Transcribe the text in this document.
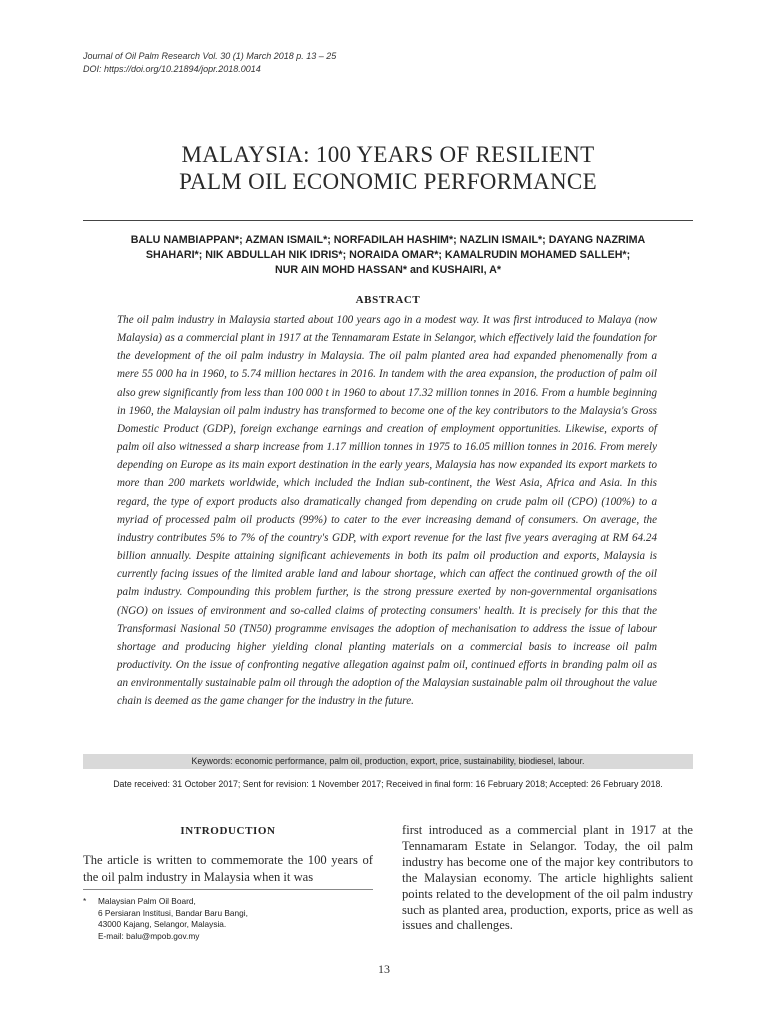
Journal of Oil Palm Research Vol. 30 (1) March 2018 p. 13 – 25
DOI: https://doi.org/10.21894/jopr.2018.0014
MALAYSIA: 100 YEARS OF RESILIENT
PALM OIL ECONOMIC PERFORMANCE
BALU NAMBIAPPAN*; AZMAN ISMAIL*; NORFADILAH HASHIM*; NAZLIN ISMAIL*; DAYANG NAZRIMA
SHAHARI*; NIK ABDULLAH NIK IDRIS*; NORAIDA OMAR*; KAMALRUDIN MOHAMED SALLEH*;
NUR AIN MOHD HASSAN* and KUSHAIRI, A*
ABSTRACT

The oil palm industry in Malaysia started about 100 years ago in a modest way. It was first introduced to Malaya (now Malaysia) as a commercial plant in 1917 at the Tennamaram Estate in Selangor, which effectively laid the foundation for the development of the oil palm industry in Malaysia. The oil palm planted area had expanded phenomenally from a mere 55 000 ha in 1960, to 5.74 million hectares in 2016. In tandem with the area expansion, the production of palm oil also grew significantly from less than 100 000 t in 1960 to about 17.32 million tonnes in 2016. From a humble beginning in 1960, the Malaysian oil palm industry has transformed to become one of the key contributors to the Malaysia's Gross Domestic Product (GDP), foreign exchange earnings and creation of employment opportunities. Likewise, exports of palm oil also witnessed a sharp increase from 1.17 million tonnes in 1975 to 16.05 million tonnes in 2016. From merely depending on Europe as its main export destination in the early years, Malaysia has now expanded its export markets to more than 200 markets worldwide, which included the Indian sub-continent, the West Asia, Africa and Asia. In this regard, the type of export products also dramatically changed from depending on crude palm oil (CPO) (100%) to a myriad of processed palm oil products (99%) to cater to the ever increasing demand of consumers. On average, the industry contributes 5% to 7% of the country's GDP, with export revenue for the last five years averaging at RM 64.24 billion annually. Despite attaining significant achievements in both its palm oil production and exports, Malaysia is currently facing issues of the limited arable land and labour shortage, which can affect the continued growth of the oil palm industry. Compounding this problem further, is the strong pressure exerted by non-governmental organisations (NGO) on issues of environment and so-called claims of protecting consumers' health. It is precisely for this that the Transformasi Nasional 50 (TN50) programme envisages the adoption of mechanisation to address the issue of labour shortage and producing higher yielding clonal planting materials on a commercial basis to increase oil palm productivity. On the issue of confronting negative allegation against palm oil, continued efforts in branding palm oil as an environmentally sustainable palm oil through the adoption of the Malaysian sustainable palm oil throughout the value chain is deemed as the game changer for the industry in the future.

Keywords: economic performance, palm oil, production, export, price, sustainability, biodiesel, labour.
Date received: 31 October 2017; Sent for revision: 1 November 2017; Received in final form: 16 February 2018; Accepted: 26 February 2018.
INTRODUCTION

The article is written to commemorate the 100 years of the oil palm industry in Malaysia when it was

* Malaysian Palm Oil Board,
6 Persiaran Institusi, Bandar Baru Bangi,
43000 Kajang, Selangor, Malaysia.
E-mail: balu@mpob.gov.my

first introduced as a commercial plant in 1917 at the Tennamaram Estate in Selangor. Today, the oil palm industry has become one of the major key contributors to the Malaysian economy. The article highlights salient points related to the development of the oil palm industry such as planted area, production, exports, price as well as issues and challenges.

13
